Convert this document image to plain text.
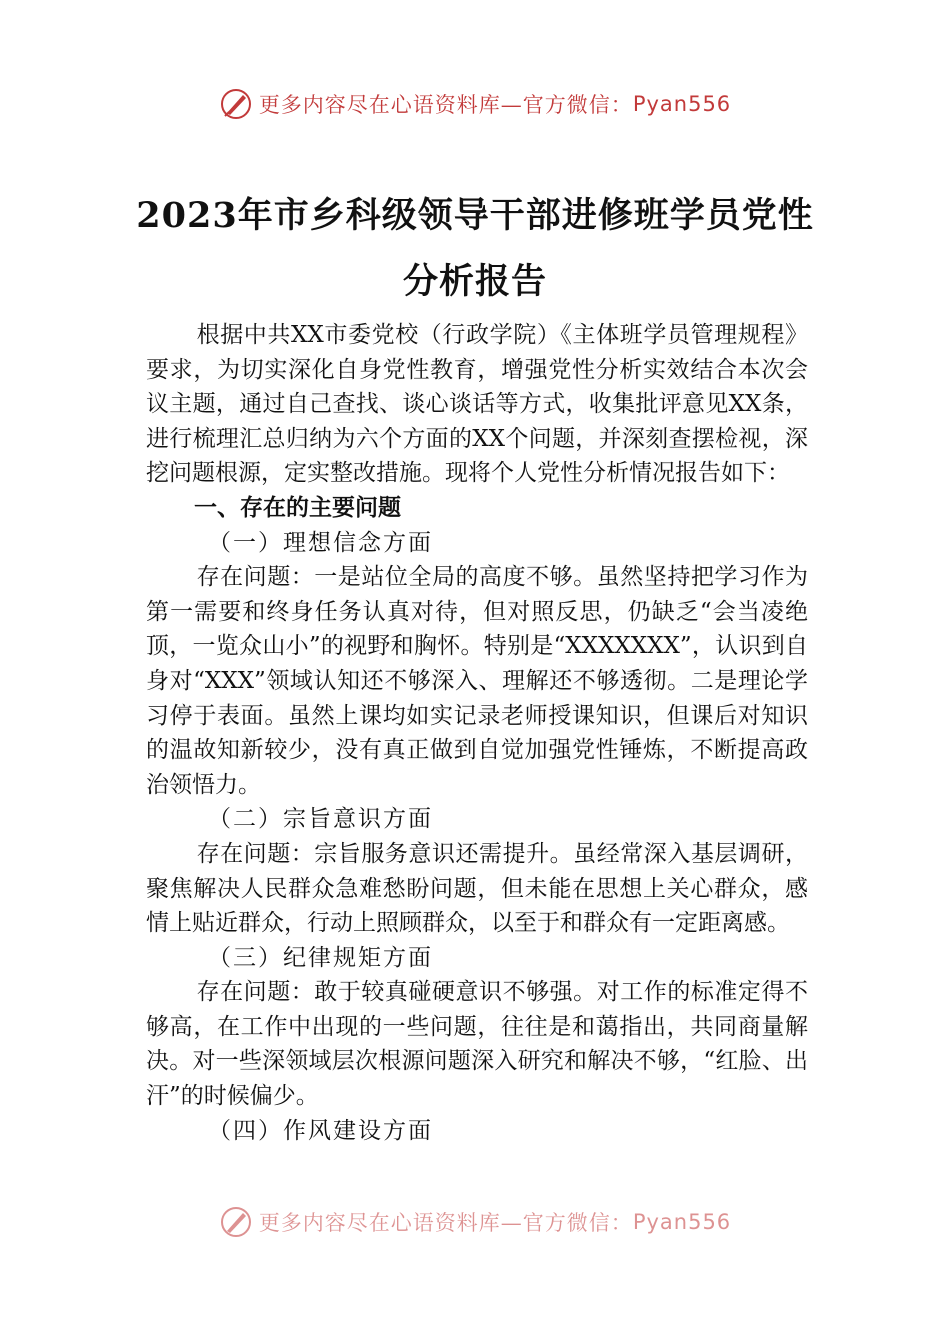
更多内容尽在心语资料库—官方微信： Pyan556
2023年市乡科级领导干部进修班学员党性
分析报告

根据中共XX市委党校（行政学院）《主体班学员管理规程》要求，为切实深化自身党性教育，增强党性分析实效结合本次会议主题，通过自己查找、谈心谈话等方式，收集批评意见XX条，进行梳理汇总归纳为六个方面的XX个问题，并深刻查摆检视，深挖问题根源，定实整改措施。现将个人党性分析情况报告如下：

一、存在的主要问题

（一）理想信念方面

存在问题：一是站位全局的高度不够。虽然坚持把学习作为第一需要和终身任务认真对待，但对照反思，仍缺乏“会当凌绝顶，一览众山小”的视野和胸怀。特别是“XXXXXXX”，认识到自身对“XXX”领域认知还不够深入、理解还不够透彻。二是理论学习停于表面。虽然上课均如实记录老师授课知识，但课后对知识的温故知新较少，没有真正做到自觉加强党性锤炼，不断提高政治领悟力。

（二）宗旨意识方面

存在问题：宗旨服务意识还需提升。虽经常深入基层调研，聚焦解决人民群众急难愁盼问题，但未能在思想上关心群众，感情上贴近群众，行动上照顾群众，以至于和群众有一定距离感。

（三）纪律规矩方面

存在问题：敢于较真碰硬意识不够强。对工作的标准定得不够高，在工作中出现的一些问题，往往是和蔼指出，共同商量解决。对一些深领域层次根源问题深入研究和解决不够，“红脸、出汗”的时候偏少。

（四）作风建设方面

更多内容尽在心语资料库—官方微信： Pyan556
